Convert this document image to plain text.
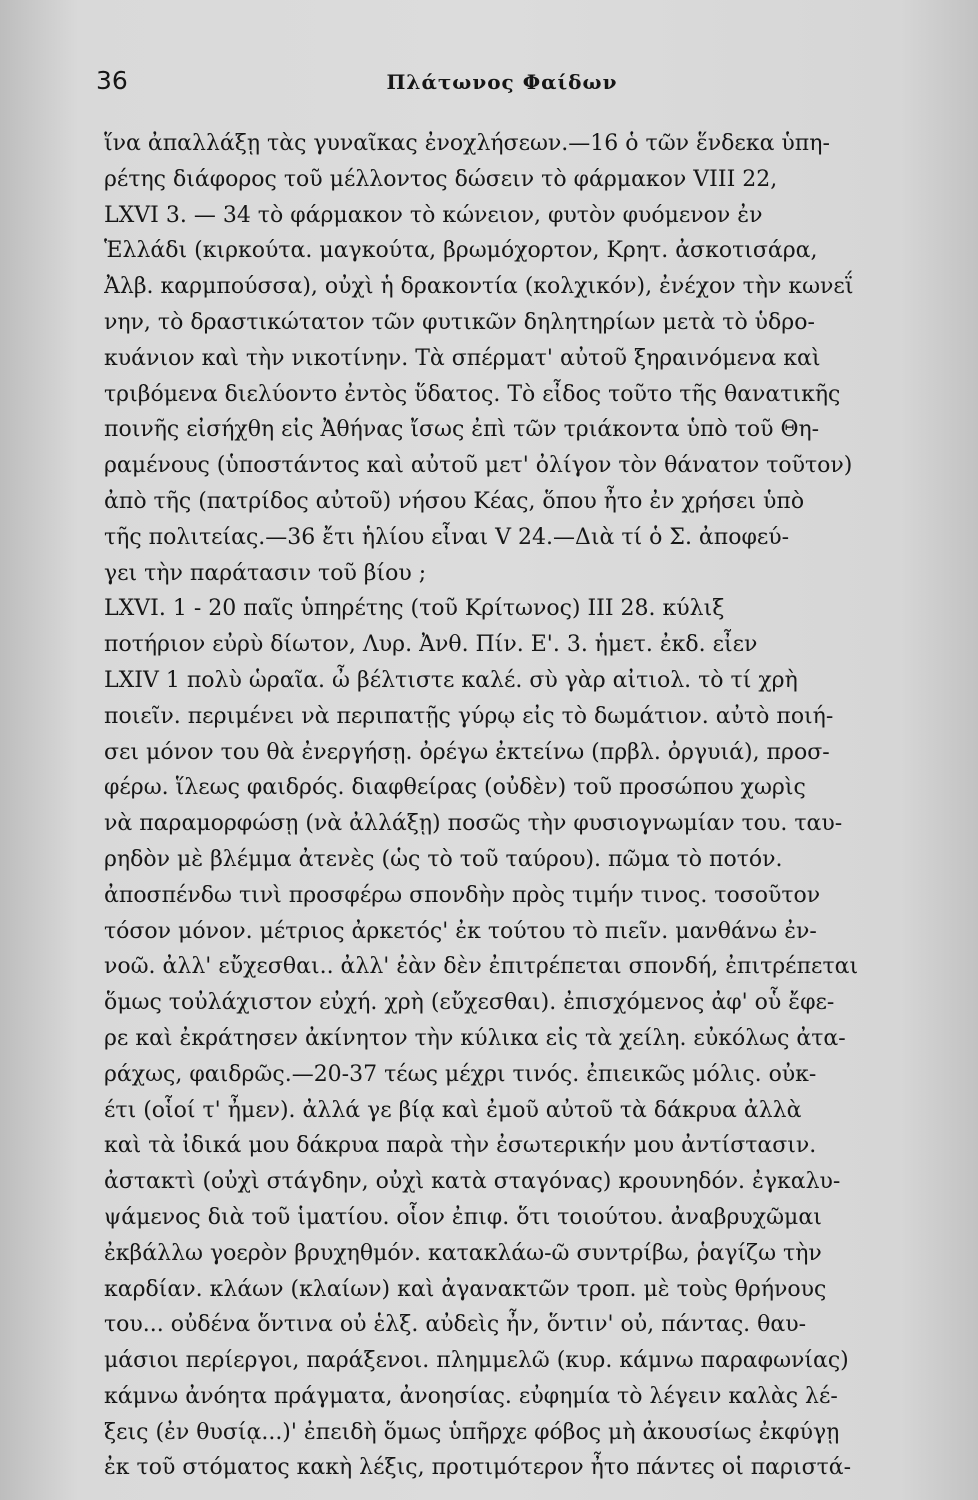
36	Πλάτωνος Φαίδων
ἵνα ἀπαλλάξῃ τὰς γυναῖκας ἐνοχλήσεων.—16 ὁ τῶν ἕνδεκα ὑπη-
ρέτης διάφορος τοῦ μέλλοντος δώσειν τὸ φάρμακον VIII 22,
LXVI 3. — 34 τὸ φάρμακον τὸ κώνειον, φυτὸν φυόμενον ἐν
Ἑλλάδι (κιρκούτα. μαγκούτα, βρωμόχορτον, Κρητ. ἀσκοτισάρα,
Ἀλβ. καρμπούσσα), οὐχὶ ἡ δρακοντία (κολχικόν), ἐνέχον τὴν κωνεΐ
νην, τὸ δραστικώτατον τῶν φυτικῶν δηλητηρίων μετὰ τὸ ὑδρο-
κυάνιον καὶ τὴν νικοτίνην. Τὰ σπέρματ' αὐτοῦ ξηραινόμενα καὶ
τριβόμενα διελύοντο ἐντὸς ὕδατος. Τὸ εἶδος τοῦτο τῆς θανατικῆς
ποινῆς εἰσήχθη εἰς Ἀθήνας ἴσως ἐπὶ τῶν τριάκοντα ὑπὸ τοῦ Θη-
ραμένους (ὑποστάντος καὶ αὐτοῦ μετ' ὀλίγον τὸν θάνατον τοῦτον)
ἀπὸ τῆς (πατρίδος αὐτοῦ) νήσου Κέας, ὅπου ἦτο ἐν χρήσει ὑπὸ
τῆς πολιτείας.—36 ἔτι ἡλίου εἶναι V 24.—Διὰ τί ὁ Σ. ἀποφεύ-
γει τὴν παράτασιν τοῦ βίου ;
LXVI. 1 - 20 παῖς ὑπηρέτης (τοῦ Κρίτωνος) III 28. κύλιξ
ποτήριον εὐρὺ δίωτον, Λυρ. Ἀνθ. Πίν. Ε'. 3. ἡμετ. ἐκδ. εἶεν
LXIV 1 πολὺ ὡραῖα. ὦ βέλτιστε καλέ. σὺ γὰρ αἰτιολ. τὸ τί χρὴ
ποιεῖν. περιμένει νὰ περιπατῇς γύρῳ εἰς τὸ δωμάτιον. αὐτὸ ποιή-
σει μόνον του θὰ ἐνεργήσῃ. ὀρέγω ἐκτείνω (πρβλ. ὀργυιά), προσ-
φέρω. ἵλεως φαιδρός. διαφθείρας (οὐδὲν) τοῦ προσώπου χωρὶς
νὰ παραμορφώσῃ (νὰ ἀλλάξῃ) ποσῶς τὴν φυσιογνωμίαν του. ταυ-
ρηδὸν μὲ βλέμμα ἀτενὲς (ὡς τὸ τοῦ ταύρου). πῶμα τὸ ποτόν.
ἀποσπένδω τινὶ προσφέρω σπονδὴν πρὸς τιμήν τινος. τοσοῦτον
τόσον μόνον. μέτριος ἀρκετός' ἐκ τούτου τὸ πιεῖν. μανθάνω ἐν-
νοῶ. ἀλλ' εὔχεσθαι.. ἀλλ' ἐὰν δὲν ἐπιτρέπεται σπονδή, ἐπιτρέπεται
ὅμως τοὐλάχιστον εὐχή. χρὴ (εὔχεσθαι). ἐπισχόμενος ἀφ' οὗ ἔφε-
ρε καὶ ἐκράτησεν ἀκίνητον τὴν κύλικα εἰς τὰ χείλη. εὐκόλως ἀτα-
ράχως, φαιδρῶς.—20-37 τέως μέχρι τινός. ἐπιεικῶς μόλις. οὐκ-
έτι (οἷοί τ' ἦμεν). ἀλλά γε βίᾳ καὶ ἐμοῦ αὐτοῦ τὰ δάκρυα ἀλλὰ
καὶ τὰ ἰδικά μου δάκρυα παρὰ τὴν ἐσωτερικήν μου ἀντίστασιν.
ἀστακτὶ (οὐχὶ στάγδην, οὐχὶ κατὰ σταγόνας) κρουνηδόν. ἐγκαλυ-
ψάμενος διὰ τοῦ ἱματίου. οἷον ἐπιφ. ὅτι τοιούτου. ἀναβρυχῶμαι
ἐκβάλλω γοερὸν βρυχηθμόν. κατακλάω-ῶ συντρίβω, ῥαγίζω τὴν
καρδίαν. κλάων (κλαίων) καὶ ἀγανακτῶν τροπ. μὲ τοὺς θρήνους
του... οὐδένα ὅντινα οὐ ἑλξ. αὐδεὶς ἦν, ὅντιν' οὐ, πάντας. θαυ-
μάσιοι περίεργοι, παράξενοι. πλημμελῶ (κυρ. κάμνω παραφωνίας)
κάμνω ἀνόητα πράγματα, ἀνοησίας. εὐφημία τὸ λέγειν καλὰς λέ-
ξεις (ἐν θυσίᾳ...)' ἐπειδὴ ὅμως ὑπῆρχε φόβος μὴ ἀκουσίως ἐκφύγῃ
ἐκ τοῦ στόματος κακὴ λέξις, προτιμότερον ἦτο πάντες οἱ παριστά-
